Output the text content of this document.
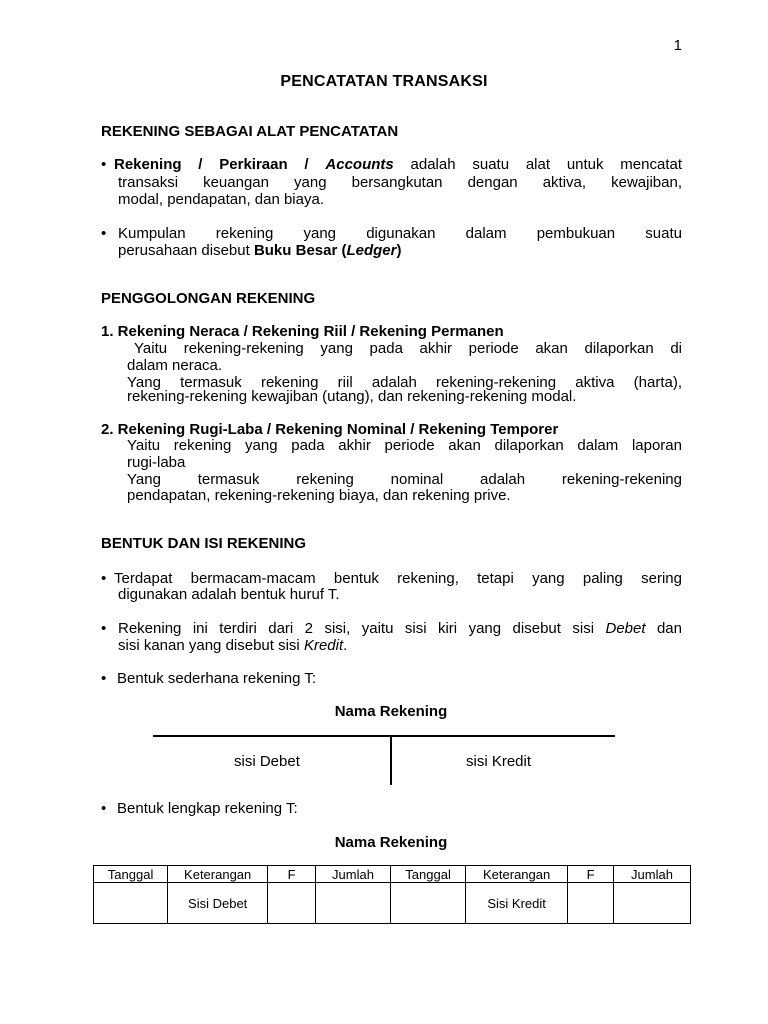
1
PENCATATAN TRANSAKSI
REKENING SEBAGAI ALAT PENCATATAN
• Rekening / Perkiraan / Accounts adalah suatu alat untuk mencatat
transaksi keuangan yang bersangkutan dengan aktiva, kewajiban,
modal, pendapatan, dan biaya.
• Kumpulan rekening yang digunakan dalam pembukuan suatu
perusahaan disebut Buku Besar (Ledger)
PENGGOLONGAN REKENING
1. Rekening Neraca / Rekening Riil / Rekening Permanen
Yaitu rekening-rekening yang pada akhir periode akan dilaporkan di
dalam neraca.
Yang termasuk rekening riil adalah rekening-rekening aktiva (harta),
rekening-rekening kewajiban (utang), dan rekening-rekening modal.
2. Rekening Rugi-Laba / Rekening Nominal / Rekening Temporer
Yaitu rekening yang pada akhir periode akan dilaporkan dalam laporan
rugi-laba
Yang termasuk rekening nominal adalah rekening-rekening
pendapatan, rekening-rekening biaya, dan rekening prive.
BENTUK DAN ISI REKENING
• Terdapat bermacam-macam bentuk rekening, tetapi yang paling sering
digunakan adalah bentuk huruf T.
• Rekening ini terdiri dari 2 sisi, yaitu sisi kiri yang disebut sisi Debet dan
sisi kanan yang disebut sisi Kredit.
• Bentuk sederhana rekening T:
Nama Rekening
sisi Debet	sisi Kredit
• Bentuk lengkap rekening T:
Nama Rekening
Tanggal	Keterangan	F	Jumlah	Tanggal	Keterangan	F	Jumlah
	Sisi Debet				Sisi Kredit		
